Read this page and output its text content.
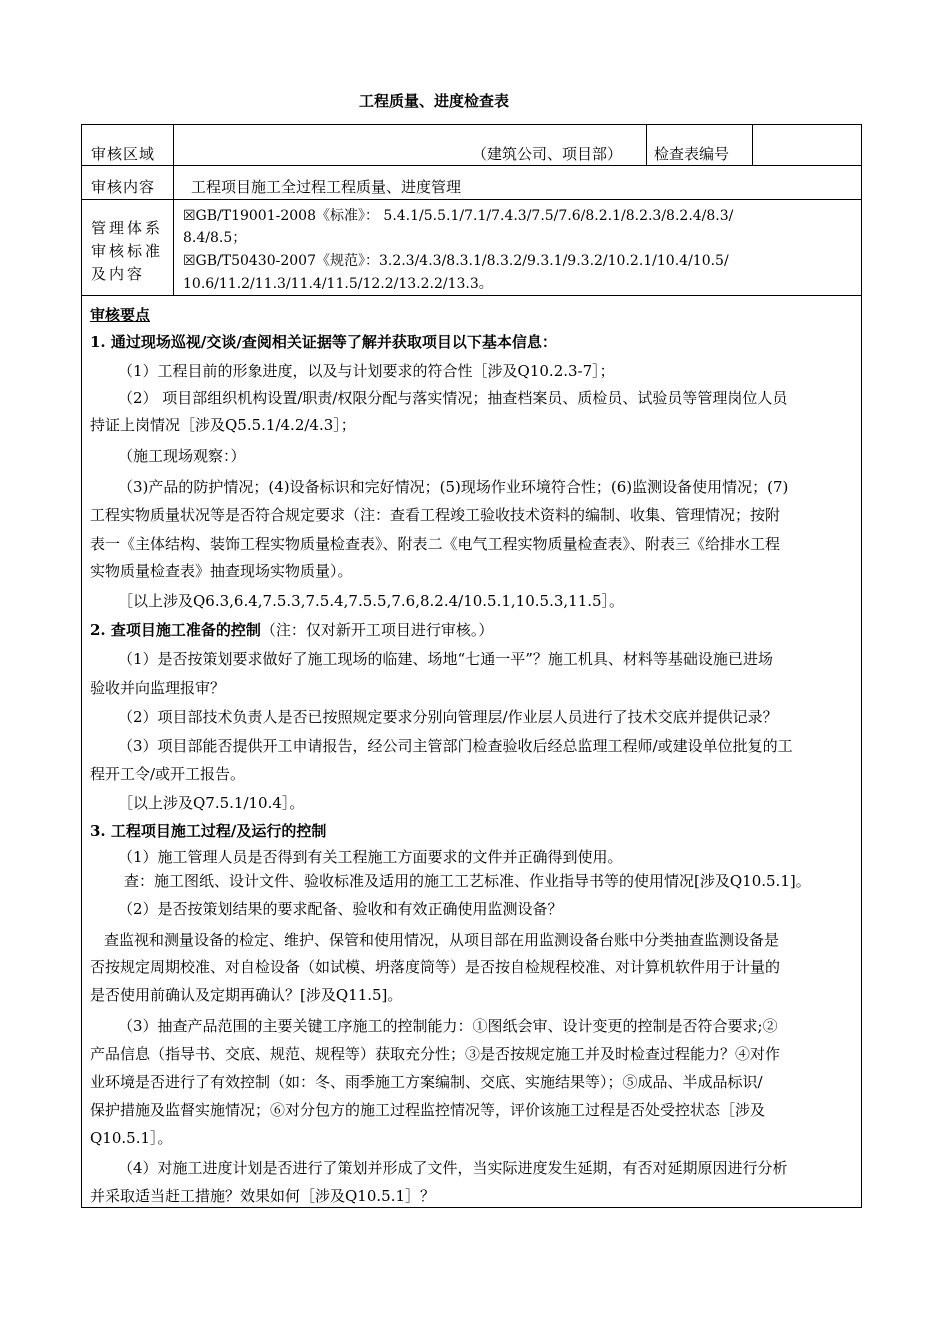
工程质量、进度检查表
审核区域	（建筑公司、项目部） 检查表编号
审核内容 工程项目施工全过程工程质量、进度管理
管理体系
审核标准
及内容
☒GB/T19001-2008《标准》： 5.4.1/5.5.1/7.1/7.4.3/7.5/7.6/8.2.1/8.2.3/8.2.4/8.3/
8.4/8.5；
☒GB/T50430-2007《规范》：3.2.3/4.3/8.3.1/8.3.2/9.3.1/9.3.2/10.2.1/10.4/10.5/
10.6/11.2/11.3/11.4/11.5/12.2/13.2.2/13.3。
审核要点
1. 通过现场巡视/交谈/查阅相关证据等了解并获取项目以下基本信息：
（1）工程目前的形象进度，以及与计划要求的符合性［涉及Q10.2.3-7］；
（2） 项目部组织机构设置/职责/权限分配与落实情况；抽查档案员、质检员、试验员等管理岗位人员
持证上岗情况［涉及Q5.5.1/4.2/4.3］；
（施工现场观察：）
（3)产品的防护情况；(4)设备标识和完好情况；(5)现场作业环境符合性；(6)监测设备使用情况；(7)
工程实物质量状况等是否符合规定要求（注：查看工程竣工验收技术资料的编制、收集、管理情况；按附
表一《主体结构、装饰工程实物质量检查表》、附表二《电气工程实物质量检查表》、附表三《给排水工程
实物质量检查表》抽查现场实物质量）。
［以上涉及Q6.3,6.4,7.5.3,7.5.4,7.5.5,7.6,8.2.4/10.5.1,10.5.3,11.5］。
2. 查项目施工准备的控制（注：仅对新开工项目进行审核。）
（1）是否按策划要求做好了施工现场的临建、场地“七通一平”？施工机具、材料等基础设施已进场
验收并向监理报审？
（2）项目部技术负责人是否已按照规定要求分别向管理层/作业层人员进行了技术交底并提供记录？
（3）项目部能否提供开工申请报告，经公司主管部门检查验收后经总监理工程师/或建设单位批复的工
程开工令/或开工报告。
［以上涉及Q7.5.1/10.4］。
3. 工程项目施工过程/及运行的控制
（1）施工管理人员是否得到有关工程施工方面要求的文件并正确得到使用。
查：施工图纸、设计文件、验收标准及适用的施工工艺标准、作业指导书等的使用情况[涉及Q10.5.1]。
（2）是否按策划结果的要求配备、验收和有效正确使用监测设备？
查监视和测量设备的检定、维护、保管和使用情况，从项目部在用监测设备台账中分类抽查监测设备是
否按规定周期校准、对自检设备（如试模、坍落度筒等）是否按自检规程校准、对计算机软件用于计量的
是否使用前确认及定期再确认？[涉及Q11.5]。
（3）抽查产品范围的主要关键工序施工的控制能力：①图纸会审、设计变更的控制是否符合要求;②
产品信息（指导书、交底、规范、规程等）获取充分性；③是否按规定施工并及时检查过程能力？④对作
业环境是否进行了有效控制（如：冬、雨季施工方案编制、交底、实施结果等）；⑤成品、半成品标识/
保护措施及监督实施情况；⑥对分包方的施工过程监控情况等，评价该施工过程是否处受控状态［涉及
Q10.5.1］。
（4）对施工进度计划是否进行了策划并形成了文件，当实际进度发生延期，有否对延期原因进行分析
并采取适当赶工措施？效果如何［涉及Q10.5.1］？
